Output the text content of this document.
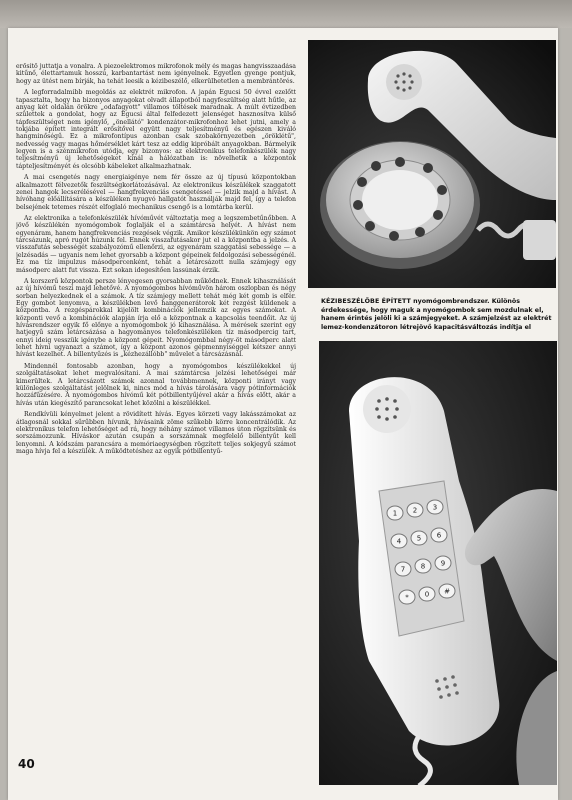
erősítő juttatja a vonalra. A piezoelektromos mikrofonok mély és magas hangvisszaadása kitűnő, élettartamuk hosszú, karbantartást nem igényelnek. Egyetlen gyenge pontjuk, hogy az ütést nem bírják, ha tehát leesik a kézibeszélő, elkerülhetetlen a membrántörés.

A legforradalmibb megoldás az elektrét mikrofon. A japán Egucsi 50 évvel ezelőtt tapasztalta, hogy ha bizonyos anyagokat olvadt állapotból nagyfeszültség alatt hűtle, az anyag két oldalán örökre „odafagyott" villamos töltések maradnak. A múlt évtizedben születtek a gondolat, hogy az Egucsi által felfedezett jelenséget hasznosítva külső tápfeszültséget nem igénylő, „önellátó" kondenzátor-mikrofonhoz lehet jutni, amely a tokjába épített integrált erősítővel együtt nagy teljesítményű és egészen kiváló hangminőségű. Ez a mikrofontípus azonban csak szobakörnyezetben „öröklétű", nedvesség vagy magas hőmérséklet kárt tesz az eddig kipróbált anyagokban. Bármelyik legyen is a szénmikrofon utódja, egy bizonyos: az elektronikus telefonkészülék nagy teljesítményű új lehetőségeket kínál a hálózatban is: növelhetik a központok tápteljesítményét és olcsóbb kábeleket alkalmazhatnak.

A mai csengetés nagy energiaigénye nem fér össze az új típusú központokban alkalmazott félvezetők feszültségkorlátozásával. Az elektronikus készülékek szaggatott zenei hangok lecserélésével — hangfrekvenciás csengetéssel — jelzik majd a hívást. A hívóhang előállítására a készüléken nyugvó hallgatót használják majd fel, így a telefon belsejének tetemes részét elfoglaló mechanikus csengő is a lomtárba kerül.

Az elektronika a telefonkészülék hívóművét változtatja meg a legszembetűnőbben. A jövő készülékén nyomógombok foglalják el a számtárcsa helyét. A hívást nem egyenáram, hanem hangfrekvenciás rezgések végzik. Amikor készülékünkön egy számot tárcsázunk, apró rugót húzunk fel. Ennek visszafutásakor jut el a központba a jelzés. A visszafutás sebességét szabályozómű ellenőrzi, az egyenáram szaggatási sebessége — a jelzésadás — ugyanis nem lehet gyorsabb a központ gépeinek feldolgozási sebességénél. Ez ma tíz impulzus másodpercenként, tehát a letárcsázott nulla számjegy egy másodperc alatt fut vissza. Ezt sokan idegesítően lassúnak érzik.

A korszerű központok persze lényegesen gyorsabban működnek. Ennek kihasználását az új hívómű teszi majd lehetővé. A nyomógombos hívóművön három oszlopban és négy sorban helyezkednek el a számok. A tíz számjegy mellett tehát még két gomb is elfér. Egy gombot lenyomva, a készülékben levő hanggenerátorok két rezgést küldenek a központba. A rezgéspárokkal kijelölt kombinációk jellemzik az egyes számokat. A központi vevő a kombinációk alapján írja elő a központnak a kapcsolás teendőit. Az új hívásrendszer egyik fő előnye a nyomógombok jó kihasználása. A mérések szerint egy hatjegyű szám letárcsázása a hagyományos telefonkészüléken tíz másodpercig tart, ennyi ideig vesszük igénybe a központ gépeit. Nyomógombbal négy-öt másodperc alatt lehet hívni ugyanazt a számot, így a központ azonos gépmennyiséggel kétszer annyi hívást kezelhet. A billentyűzés is „kézhezállóbb" művelet a tárcsázásnál.

Mindennél fontosabb azonban, hogy a nyomógombos készülékekkel új szolgáltatásokat lehet megvalósítani. A mai számtárcsa jelzési lehetőségei már kimerültek. A letárcsázott számok azonnal továbbmennek, központi irányt vagy különleges szolgáltatást jelölnek ki, nincs mód a hívás tárolására vagy pótinformációk hozzáfűzésére. A nyomógombos hívómű két pótbillentyűjével akár a hívás előtt, akár a hívás után kiegészítő parancsokat lehet közölni a készülékkel.

Rendkívüli kényelmet jelent a rövidített hívás. Egyes körzeti vagy lakásszámokat az átlagosnál sokkal sűrűbben hívunk, hívásaink zöme szűkebb körre koncentrálódik. Az elektronikus telefon lehetőséget ad rá, hogy néhány számot villamos úton rögzítsünk és sorszámozzunk. Híváskor azután csupán a sorszámnak megfelelő billentyűt kell lenyomni. A kódszám parancsára a memóriaegységben rögzített teljes sokjegyű számot maga hívja fel a készülék. A működtetéshez az egyik pótbillentyű-

40
KÉZIBESZÉLŐBE ÉPÍTETT nyomógombrendszer. Különös érdekessége, hogy maguk a nyomógombok sem mozdulnak el, hanem érintés jelöli ki a számjegyeket. A számjelzést az elektrét lemez-kondenzátoron létrejövő kapacitásváltozás indítja el
1 2 3
4 5 6
7 8 9
* 0 #
